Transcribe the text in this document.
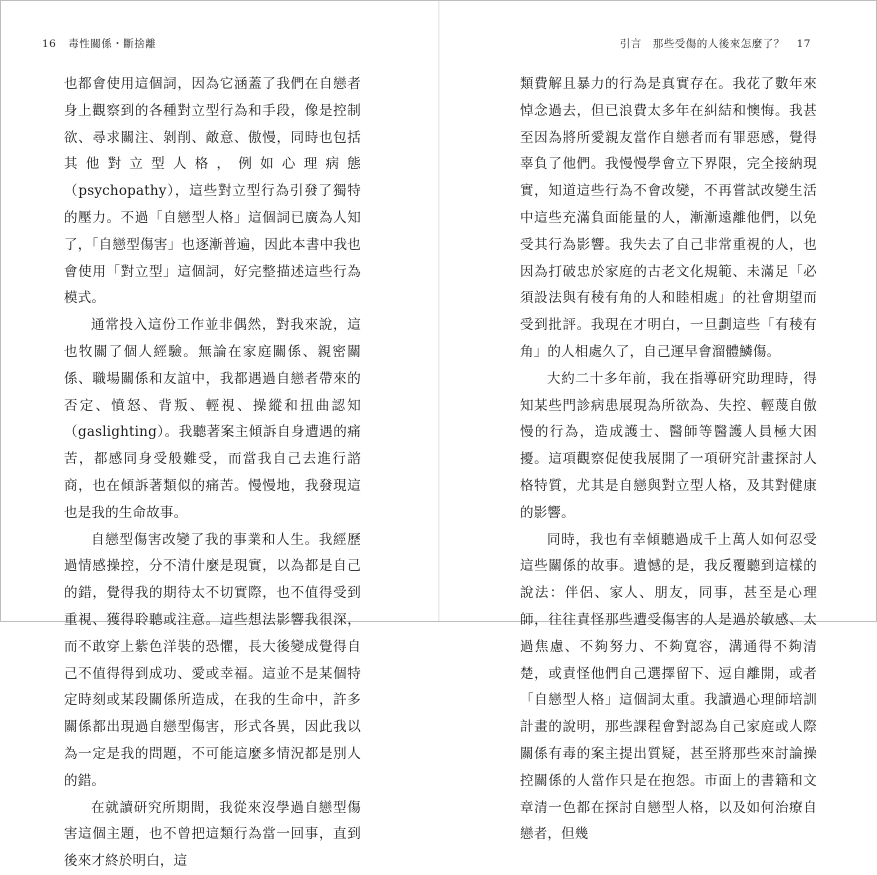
16 毒性關係・斷捨離

也都會使用這個詞，因為它涵蓋了我們在自戀者身上觀察到的各種對立型行為和手段，像是控制欲、尋求關注、剝削、敵意、傲慢，同時也包括其他對立型人格，例如心理病態（psychopathy），這些對立型行為引發了獨特的壓力。不過「自戀型人格」這個詞已廣為人知了，「自戀型傷害」也逐漸普遍，因此本書中我也會使用「對立型」這個詞，好完整描述這些行為模式。

通常投入這份工作並非偶然，對我來說，這也牧關了個人經驗。無論在家庭關係、親密關係、職場關係和友誼中，我都遇過自戀者帶來的否定、憤怒、背叛、輕視、操縱和扭曲認知（gaslighting）。我聽著案主傾訴自身遭遇的痛苦，都感同身受般難受，而當我自己去進行諮商，也在傾訴著類似的痛苦。慢慢地，我發現這也是我的生命故事。

自戀型傷害改變了我的事業和人生。我經歷過情感操控，分不清什麼是現實，以為都是自己的錯，覺得我的期待太不切實際，也不值得受到重視、獲得聆聽或注意。這些想法影響我很深，而不敢穿上紫色洋裝的恐懼，長大後變成覺得自己不值得得到成功、愛或幸福。這並不是某個特定時刻或某段關係所造成，在我的生命中，許多關係都出現過自戀型傷害，形式各異，因此我以為一定是我的問題，不可能這麼多情況都是別人的錯。

在就讀研究所期間，我從來沒學過自戀型傷害這個主題，也不曾把這類行為當一回事，直到後來才終於明白，這

引言　那些受傷的人後來怎麼了？ 17

類費解且暴力的行為是真實存在。我花了數年來悼念過去，但已浪費太多年在糾結和懊悔。我甚至因為將所愛親友當作自戀者而有罪惡感，覺得辜負了他們。我慢慢學會立下界限，完全接納現實，知道這些行為不會改變，不再嘗試改變生活中這些充滿負面能量的人，漸漸遠離他們，以免受其行為影響。我失去了自己非常重視的人，也因為打破忠於家庭的古老文化規範、未滿足「必須設法與有稜有角的人和睦相處」的社會期望而受到批評。我現在才明白，一旦劃這些「有稜有角」的人相處久了，自己運早會溜體鱗傷。

大約二十多年前，我在指導研究助理時，得知某些門診病患展現為所欲為、失控、輕蔑自傲慢的行為，造成護士、醫師等醫護人員極大困擾。這項觀察促使我展開了一項研究計畫探討人格特質，尤其是自戀與對立型人格，及其對健康的影響。

同時，我也有幸傾聽過成千上萬人如何忍受這些關係的故事。遺憾的是，我反覆聽到這樣的說法：伴侶、家人、朋友，同事，甚至是心理師，往往責怪那些遭受傷害的人是過於敏感、太過焦慮、不夠努力、不夠寬容，溝通得不夠清楚，或責怪他們自己選擇留下、逗自離開，或者「自戀型人格」這個詞太重。我讀過心理師培訓計畫的說明，那些課程會對認為自己家庭或人際關係有毒的案主提出質疑，甚至將那些來討論操控關係的人當作只是在抱怨。市面上的書籍和文章清一色都在探討自戀型人格，以及如何治療自戀者，但幾
